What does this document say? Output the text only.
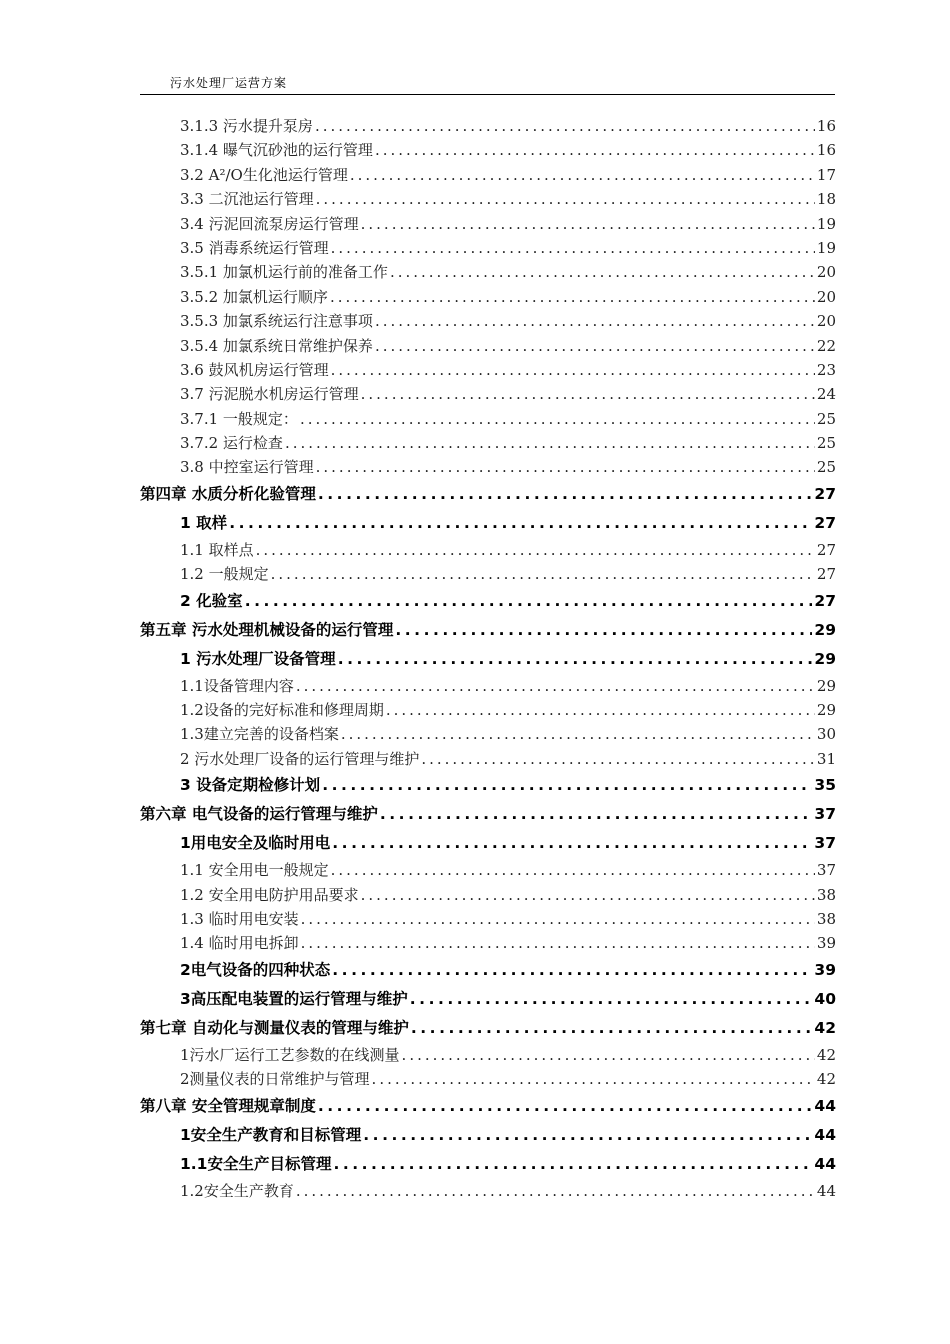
污水处理厂运营方案
3.1.3 污水提升泵房 .....	16
3.1.4 曝气沉砂池的运行管理 .....	16
3.2 A²/O生化池运行管理 .....	17
3.3 二沉池运行管理 .....	18
3.4 污泥回流泵房运行管理 .....	19
3.5 消毒系统运行管理 .....	19
3.5.1 加氯机运行前的准备工作 .....	20
3.5.2 加氯机运行顺序 .....	20
3.5.3 加氯系统运行注意事项 .....	20
3.5.4 加氯系统日常维护保养 .....	22
3.6 鼓风机房运行管理 .....	23
3.7 污泥脱水机房运行管理 .....	24
3.7.1 一般规定： .....	25
3.7.2 运行检查 .....	25
3.8 中控室运行管理 .....	25
第四章 水质分析化验管理 .....	27
1 取样 .....	27
1.1 取样点 .....	27
1.2 一般规定 .....	27
2 化验室 .....	27
第五章 污水处理机械设备的运行管理 .....	29
1 污水处理厂设备管理 .....	29
1.1设备管理内容 .....	29
1.2设备的完好标准和修理周期 .....	29
1.3建立完善的设备档案 .....	30
2 污水处理厂设备的运行管理与维护 .....	31
3 设备定期检修计划 .....	35
第六章 电气设备的运行管理与维护 .....	37
1用电安全及临时用电 .....	37
1.1 安全用电一般规定 .....	37
1.2 安全用电防护用品要求 .....	38
1.3 临时用电安装 .....	38
1.4 临时用电拆卸 .....	39
2电气设备的四种状态 .....	39
3高压配电装置的运行管理与维护 .....	40
第七章 自动化与测量仪表的管理与维护 .....	42
1污水厂运行工艺参数的在线测量 .....	42
2测量仪表的日常维护与管理 .....	42
第八章 安全管理规章制度 .....	44
1安全生产教育和目标管理 .....	44
1.1安全生产目标管理 .....	44
1.2安全生产教育 .....	44
